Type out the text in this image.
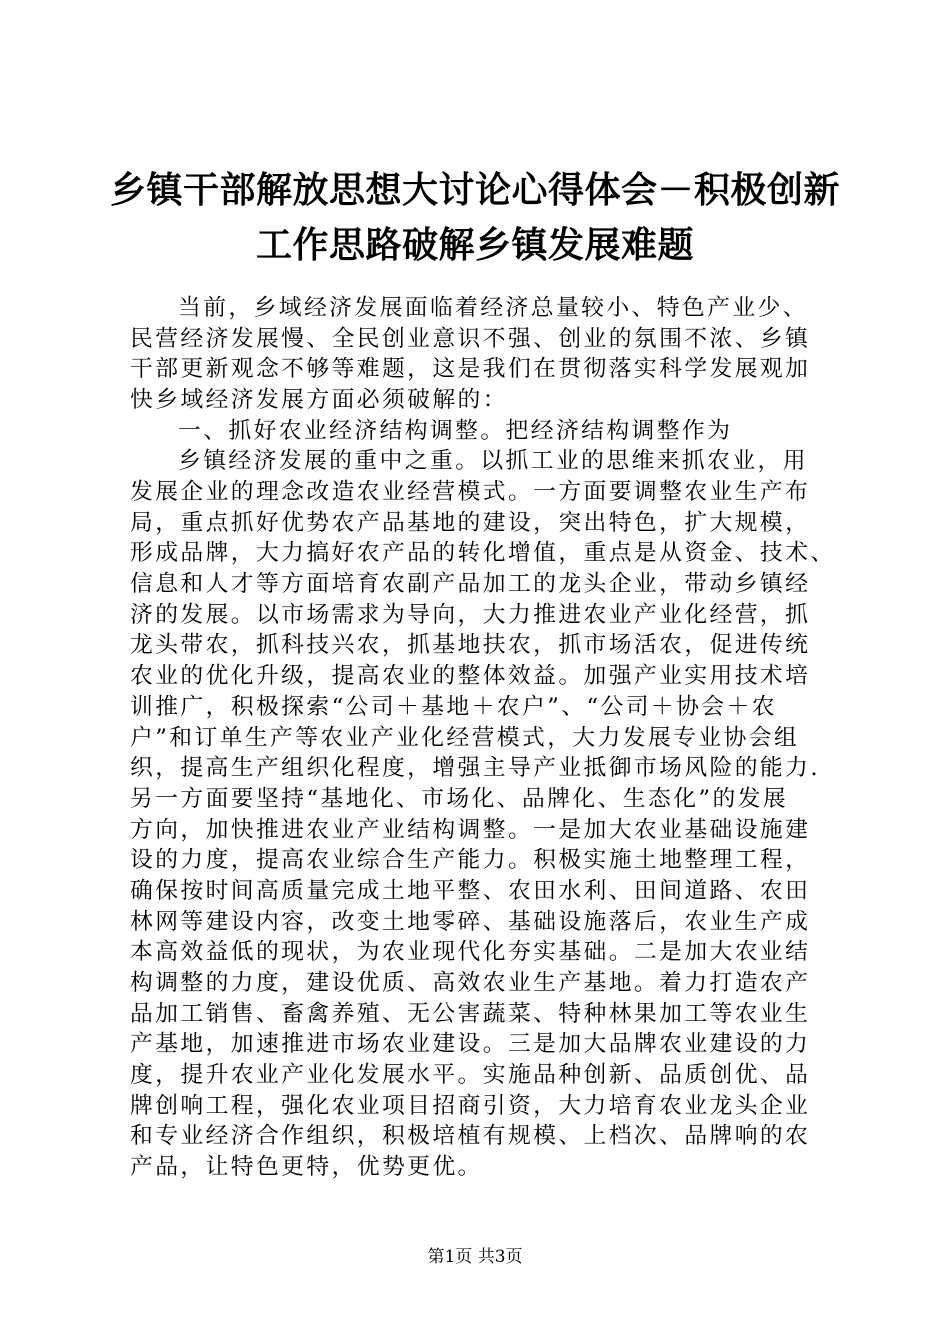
乡镇干部解放思想大讨论心得体会－积极创新
工作思路破解乡镇发展难题
当前，乡域经济发展面临着经济总量较小、特色产业少、
民营经济发展慢、全民创业意识不强、创业的氛围不浓、乡镇
干部更新观念不够等难题，这是我们在贯彻落实科学发展观加
快乡域经济发展方面必须破解的：
一、抓好农业经济结构调整。把经济结构调整作为
乡镇经济发展的重中之重。以抓工业的思维来抓农业，用
发展企业的理念改造农业经营模式。一方面要调整农业生产布
局，重点抓好优势农产品基地的建设，突出特色，扩大规模，
形成品牌，大力搞好农产品的转化增值，重点是从资金、技术、
信息和人才等方面培育农副产品加工的龙头企业，带动乡镇经
济的发展。以市场需求为导向，大力推进农业产业化经营，抓
龙头带农，抓科技兴农，抓基地扶农，抓市场活农，促进传统
农业的优化升级，提高农业的整体效益。加强产业实用技术培
训推广，积极探索“公司＋基地＋农户”、“公司＋协会＋农
户”和订单生产等农业产业化经营模式，大力发展专业协会组
织，提高生产组织化程度，增强主导产业抵御市场风险的能力.
另一方面要坚持“基地化、市场化、品牌化、生态化”的发展
方向，加快推进农业产业结构调整。一是加大农业基础设施建
设的力度，提高农业综合生产能力。积极实施土地整理工程，
确保按时间高质量完成土地平整、农田水利、田间道路、农田
林网等建设内容，改变土地零碎、基础设施落后，农业生产成
本高效益低的现状，为农业现代化夯实基础。二是加大农业结
构调整的力度，建设优质、高效农业生产基地。着力打造农产
品加工销售、畜禽养殖、无公害蔬菜、特种林果加工等农业生
产基地，加速推进市场农业建设。三是加大品牌农业建设的力
度，提升农业产业化发展水平。实施品种创新、品质创优、品
牌创响工程，强化农业项目招商引资，大力培育农业龙头企业
和专业经济合作组织，积极培植有规模、上档次、品牌响的农
产品，让特色更特，优势更优。
第1页 共3页
